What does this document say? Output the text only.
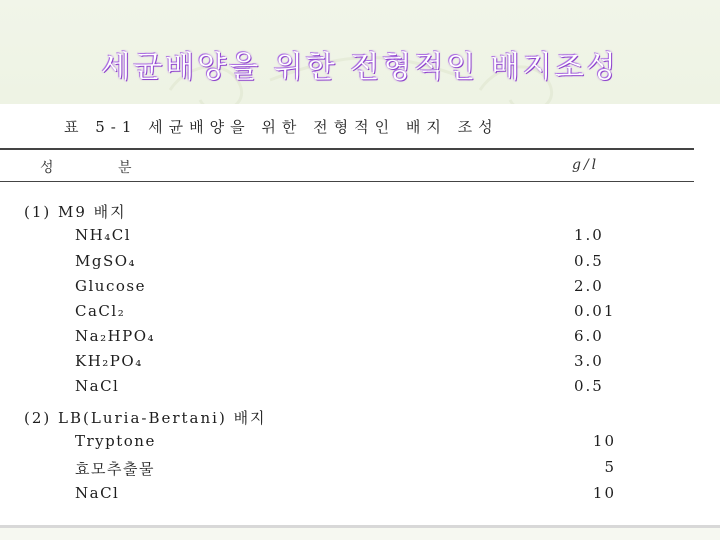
세균배양을 위한 전형적인 배지조성
표 5-1 세균배양을 위한 전형적인 배지 조성
성 분	g/l
(1) M9 배지
NH₄Cl	1.0
MgSO₄	0.5
Glucose	2.0
CaCl₂	0.01
Na₂HPO₄	6.0
KH₂PO₄	3.0
NaCl	0.5
(2) LB(Luria-Bertani) 배지
Tryptone	10
효모추출물	5
NaCl	10
